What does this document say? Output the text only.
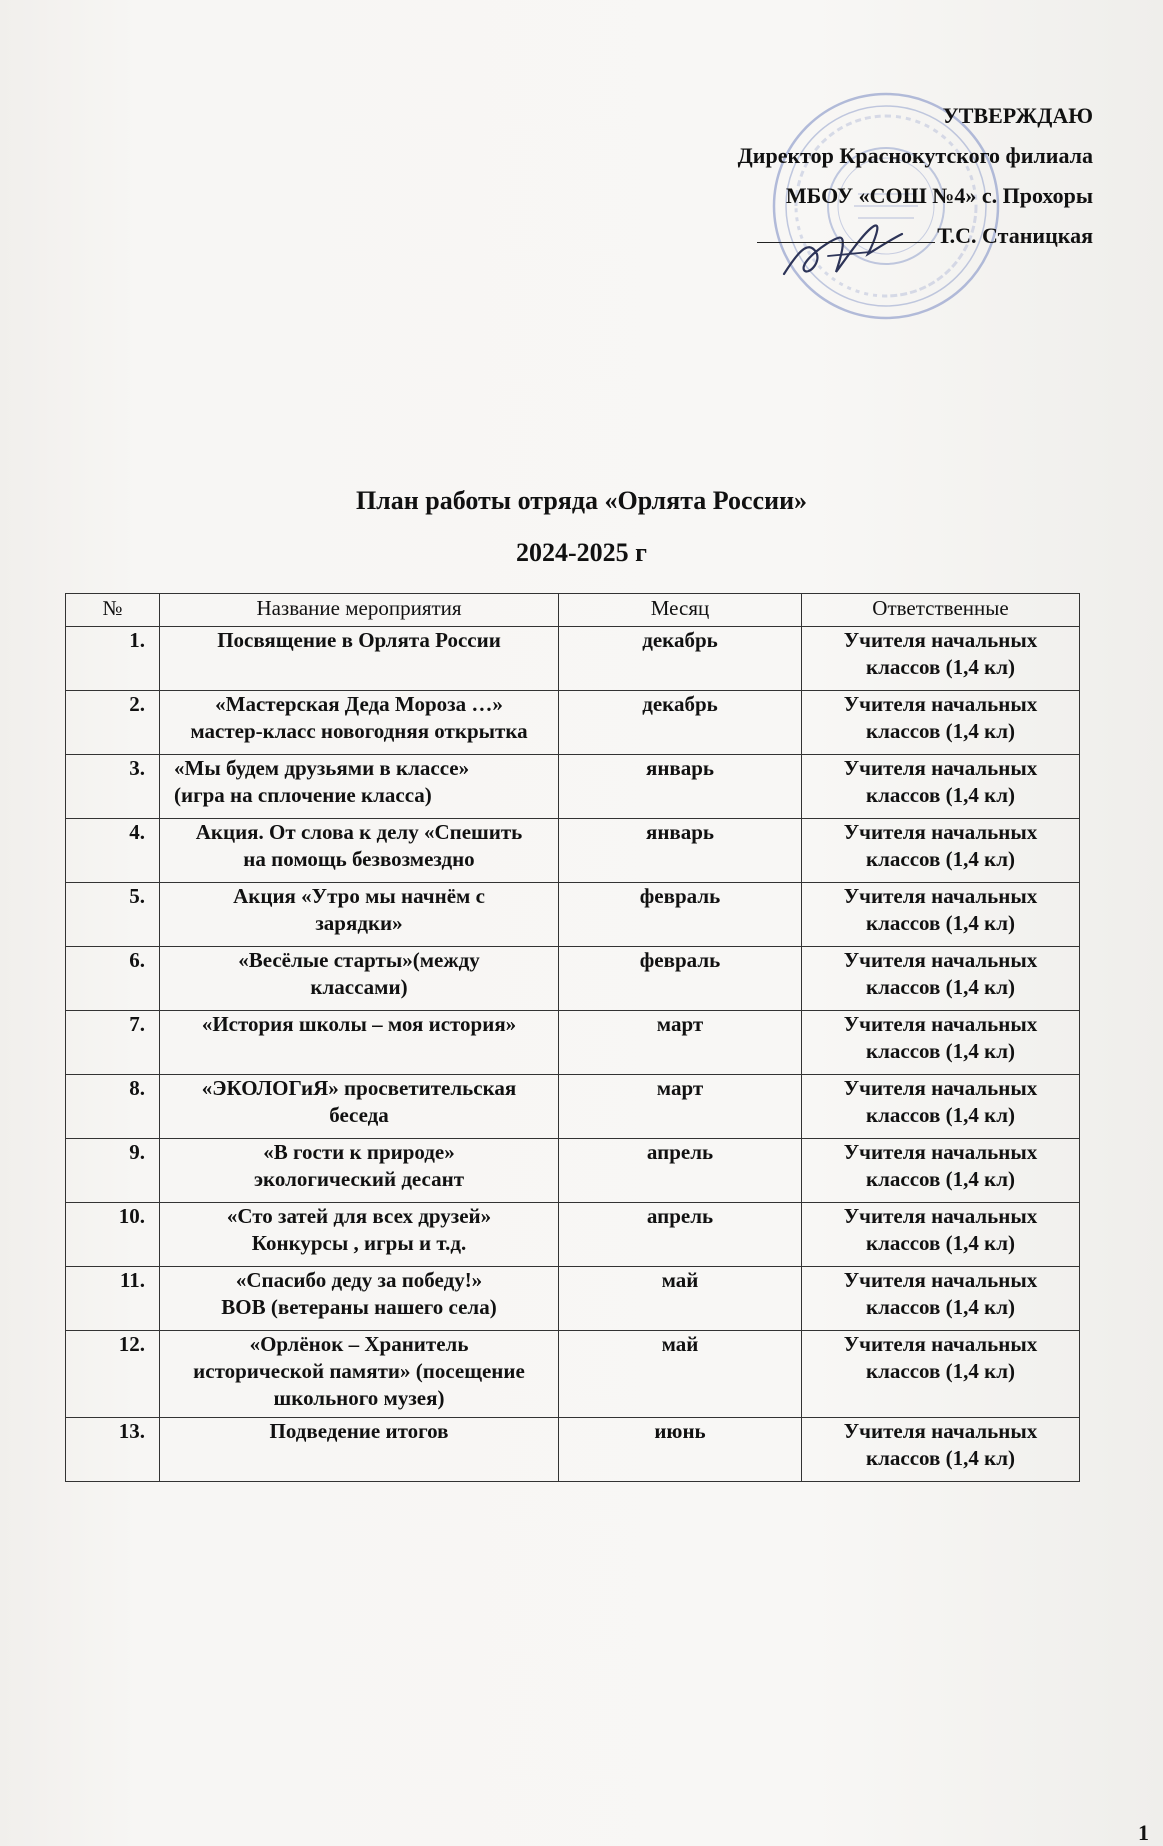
УТВЕРЖДАЮ
Директор Краснокутского филиала
МБОУ «СОШ №4» с. Прохоры
Т.С. Станицкая
План работы отряда «Орлята России»
2024-2025 г
№	Название мероприятия	Месяц	Ответственные
1.	Посвящение в Орлята России	декабрь	Учителя начальных
классов (1,4 кл)

2.	«Мастерская Деда Мороза …»
мастер-класс новогодняя открытка	декабрь	Учителя начальных
классов (1,4 кл)

3.	«Мы будем друзьями в классе»
(игра на сплочение класса)	январь	Учителя начальных
классов (1,4 кл)

4.	Акция. От слова к делу «Спешить
на помощь безвозмездно	январь	Учителя начальных
классов (1,4 кл)

5.	Акция «Утро мы начнём с
зарядки»	февраль	Учителя начальных
классов (1,4 кл)

6.	«Весёлые старты»(между
классами)	февраль	Учителя начальных
классов (1,4 кл)

7.	«История школы – моя история»	март	Учителя начальных
классов (1,4 кл)

8.	«ЭКОЛОГиЯ» просветительская
беседа	март	Учителя начальных
классов (1,4 кл)

9.	«В гости к природе»
экологический десант	апрель	Учителя начальных
классов (1,4 кл)

10.	«Сто затей для всех друзей»
Конкурсы , игры и т.д.	апрель	Учителя начальных
классов (1,4 кл)

11.	«Спасибо деду за победу!»
ВОВ (ветераны нашего села)	май	Учителя начальных
классов (1,4 кл)

12.	«Орлёнок – Хранитель
исторической памяти» (посещение
школьного музея)	май	Учителя начальных
классов (1,4 кл)

13.	Подведение итогов	июнь	Учителя начальных
классов (1,4 кл)
1
